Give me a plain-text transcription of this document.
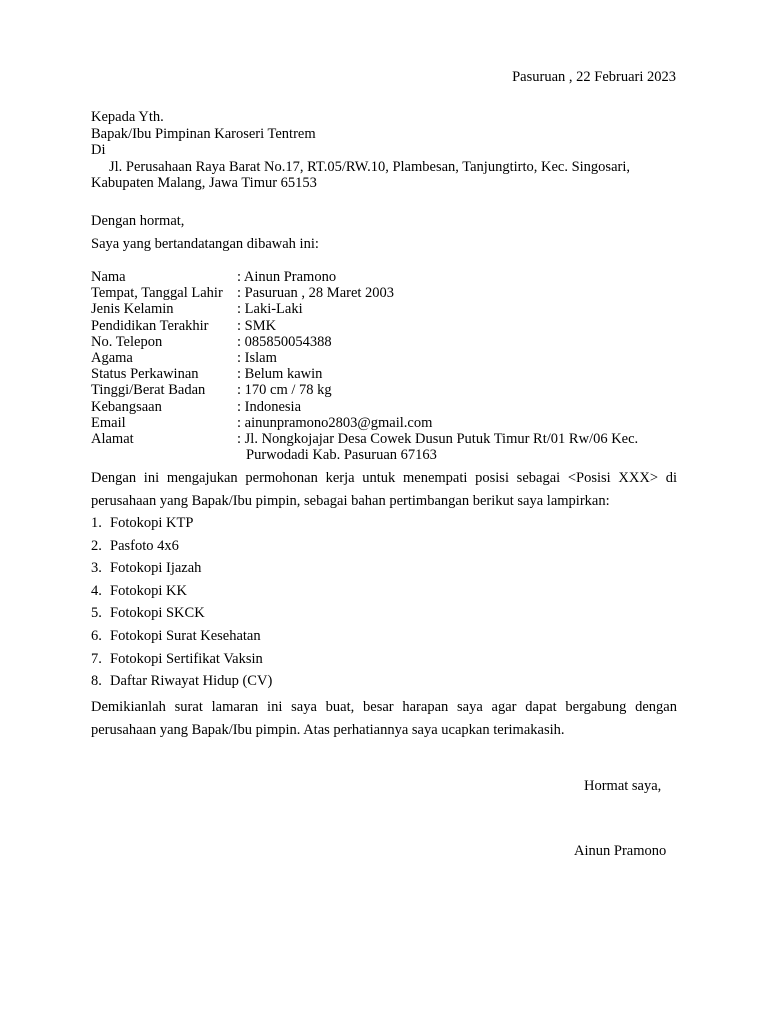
Pasuruan , 22 Februari 2023
Kepada Yth.
Bapak/Ibu Pimpinan Karoseri Tentrem
Di
Jl. Perusahaan Raya Barat No.17, RT.05/RW.10, Plambesan, Tanjungtirto, Kec. Singosari,
Kabupaten Malang, Jawa Timur 65153
Dengan hormat,
Saya yang bertandatangan dibawah ini:
Nama	: Ainun Pramono
Tempat, Tanggal Lahir : Pasuruan , 28 Maret 2003
Jenis Kelamin	: Laki-Laki
Pendidikan Terakhir	: SMK
No. Telepon	: 085850054388
Agama	: Islam
Status Perkawinan	: Belum kawin
Tinggi/Berat Badan	: 170 cm / 78 kg
Kebangsaan	: Indonesia
Email	: ainunpramono2803@gmail.com
Alamat	: Jl. Nongkojajar Desa Cowek Dusun Putuk Timur Rt/01 Rw/06 Kec.
Purwodadi Kab. Pasuruan 67163
Dengan ini mengajukan permohonan kerja untuk menempati posisi sebagai <Posisi XXX> di perusahaan yang Bapak/Ibu pimpin, sebagai bahan pertimbangan berikut saya lampirkan:
1. Fotokopi KTP
2. Pasfoto 4x6
3. Fotokopi Ijazah
4. Fotokopi KK
5. Fotokopi SKCK
6. Fotokopi Surat Kesehatan
7. Fotokopi Sertifikat Vaksin
8. Daftar Riwayat Hidup (CV)
Demikianlah surat lamaran ini saya buat, besar harapan saya agar dapat bergabung dengan perusahaan yang Bapak/Ibu pimpin. Atas perhatiannya saya ucapkan terimakasih.
Hormat saya,
Ainun Pramono
